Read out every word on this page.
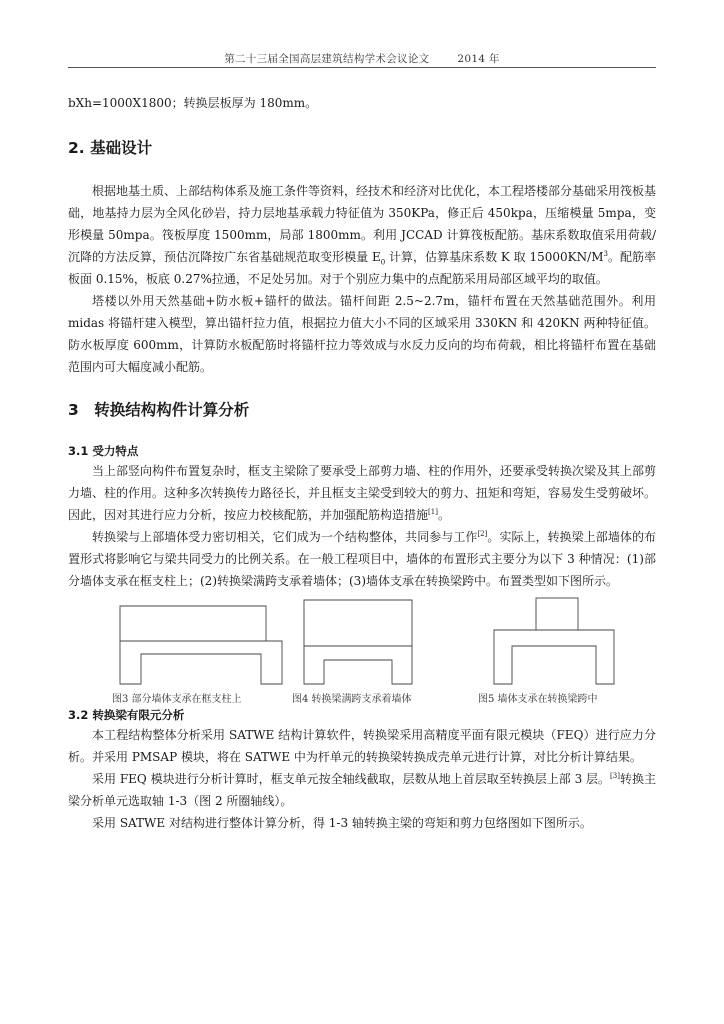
第二十三届全国高层建筑结构学术会议论文	2014 年

bXh=1000X1800；转换层板厚为 180mm。

2. 基础设计

根据地基土质、上部结构体系及施工条件等资料，经技术和经济对比优化，本工程塔楼部分基础采用筏板基础，地基持力层为全风化砂岩，持力层地基承载力特征值为 350KPa，修正后 450kpa，压缩模量 5mpa，变形模量 50mpa。筏板厚度 1500mm，局部 1800mm。利用 JCCAD 计算筏板配筋。基床系数取值采用荷载/沉降的方法反算，预估沉降按广东省基础规范取变形模量 $E_0$ 计算，估算基床系数 K 取 $15000KN/M^3$。配筋率板面 0.15%，板底 0.27%拉通，不足处另加。对于个别应力集中的点配筋采用局部区域平均的取值。

塔楼以外用天然基础+防水板+锚杆的做法。锚杆间距 2.5~2.7m，锚杆布置在天然基础范围外。利用 midas 将锚杆建入模型，算出锚杆拉力值，根据拉力值大小不同的区域采用 330KN 和 420KN 两种特征值。防水板厚度 600mm，计算防水板配筋时将锚杆拉力等效成与水反力反向的均布荷载，相比将锚杆布置在基础范围内可大幅度减小配筋。

3　转换结构构件计算分析
3.1 受力特点

当上部竖向构件布置复杂时，框支主梁除了要承受上部剪力墙、柱的作用外，还要承受转换次梁及其上部剪力墙、柱的作用。这种多次转换传力路径长，并且框支主梁受到较大的剪力、扭矩和弯矩，容易发生受剪破坏。因此，因对其进行应力分析，按应力校核配筋，并加强配筋构造措施[1]。

转换梁与上部墙体受力密切相关，它们成为一个结构整体，共同参与工作[2]。实际上，转换梁上部墙体的布置形式将影响它与梁共同受力的比例关系。在一般工程项目中，墙体的布置形式主要分为以下 3 种情况：(1)部分墙体支承在框支柱上；(2)转换梁满跨支承着墙体；(3)墙体支承在转换梁跨中。布置类型如下图所示。

图3 部分墙体支承在框支柱上	图4 转换梁满跨支承着墙体	图5 墙体支承在转换梁跨中
3.2 转换梁有限元分析

本工程结构整体分析采用 SATWE 结构计算软件，转换梁采用高精度平面有限元模块（FEQ）进行应力分析。并采用 PMSAP 模块，将在 SATWE 中为杆单元的转换梁转换成壳单元进行计算，对比分析计算结果。

采用 FEQ 模块进行分析计算时，框支单元按全轴线截取，层数从地上首层取至转换层上部 3 层。[3]转换主梁分析单元选取轴 1-3（图 2 所圈轴线）。

采用 SATWE 对结构进行整体计算分析，得 1-3 轴转换主梁的弯矩和剪力包络图如下图所示。
